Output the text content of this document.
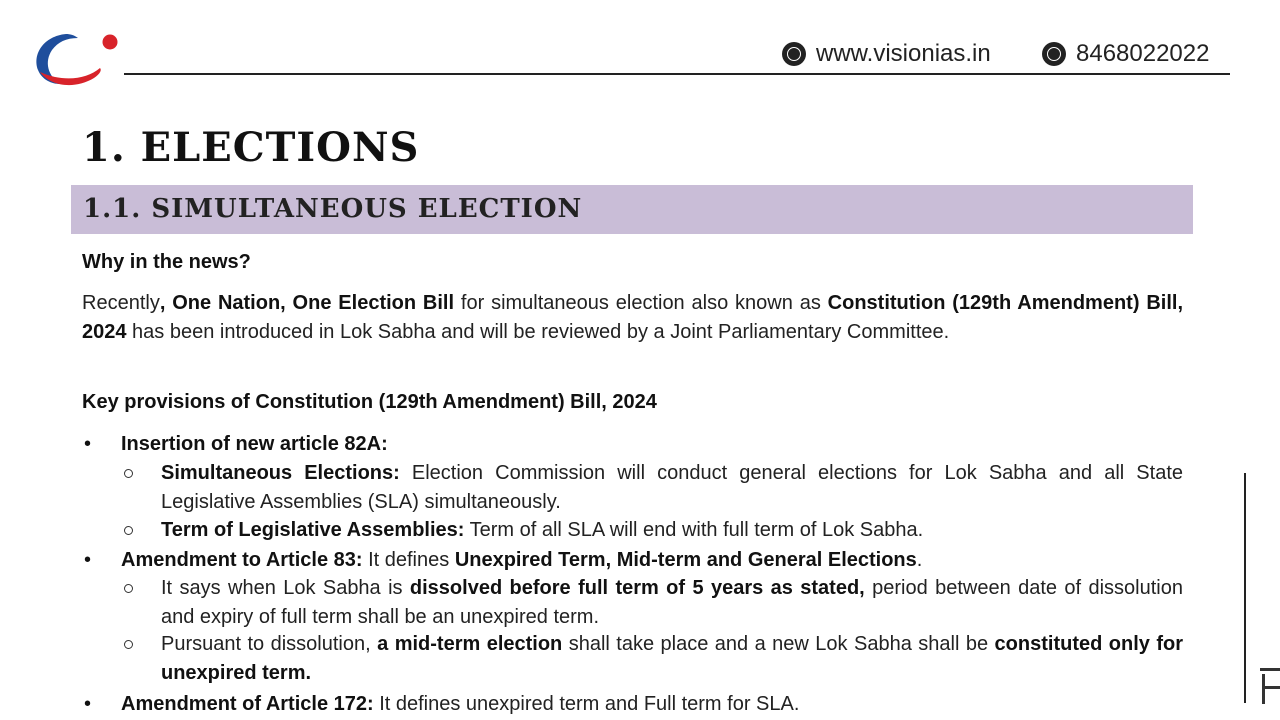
www.visionias.in	8468022022
1. ELECTIONS
1.1. SIMULTANEOUS ELECTION
Why in the news?
Recently, One Nation, One Election Bill for simultaneous election also known as Constitution (129th Amendment) Bill, 2024 has been introduced in Lok Sabha and will be reviewed by a Joint Parliamentary Committee.
Key provisions of Constitution (129th Amendment) Bill, 2024
• Insertion of new article 82A:
Simultaneous Elections: Election Commission will conduct general elections for Lok Sabha and all State Legislative Assemblies (SLA) simultaneously.
Term of Legislative Assemblies: Term of all SLA will end with full term of Lok Sabha.
• Amendment to Article 83: It defines Unexpired Term, Mid-term and General Elections.
It says when Lok Sabha is dissolved before full term of 5 years as stated, period between date of dissolution and expiry of full term shall be an unexpired term.
Pursuant to dissolution, a mid-term election shall take place and a new Lok Sabha shall be constituted only for unexpired term.
• Amendment of Article 172: It defines unexpired term and Full term for SLA.
